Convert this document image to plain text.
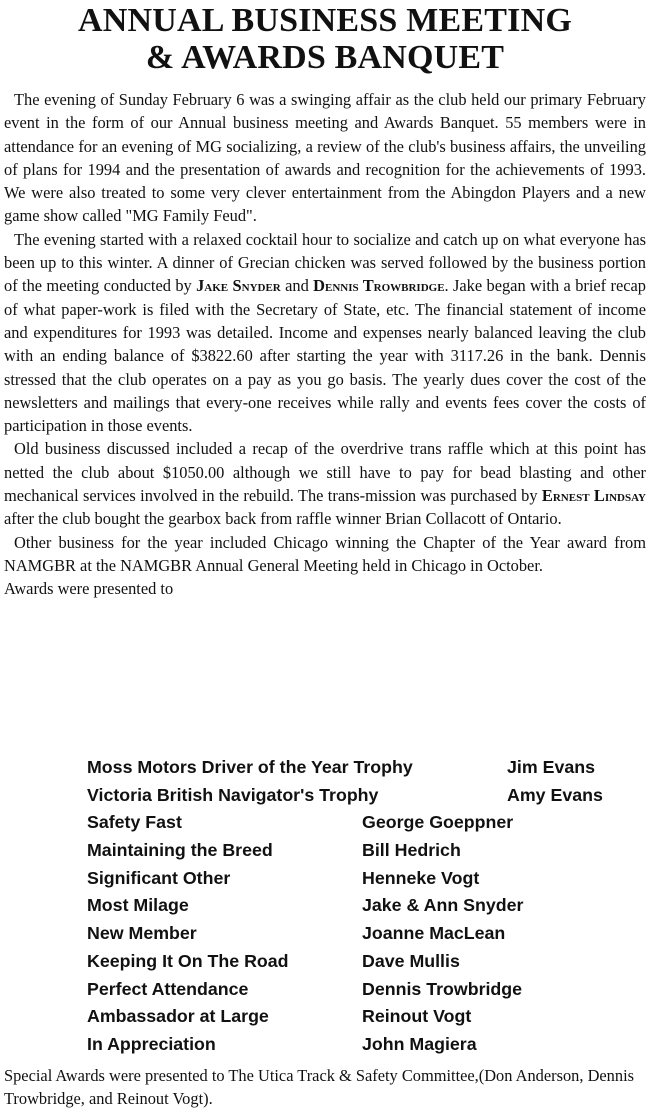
ANNUAL BUSINESS MEETING
& AWARDS BANQUET

The evening of Sunday February 6 was a swinging affair as the club held our primary February event in the form of our Annual business meeting and Awards Banquet. 55 members were in attendance for an evening of MG socializing, a review of the club's business affairs, the unveiling of plans for 1994 and the presentation of awards and recognition for the achievements of 1993. We were also treated to some very clever entertainment from the Abingdon Players and a new game show called "MG Family Feud".

The evening started with a relaxed cocktail hour to socialize and catch up on what everyone has been up to this winter. A dinner of Grecian chicken was served followed by the business portion of the meeting conducted by Jake Snyder and Dennis Trowbridge. Jake began with a brief recap of what paper-work is filed with the Secretary of State, etc. The financial statement of income and expenditures for 1993 was detailed. Income and expenses nearly balanced leaving the club with an ending balance of $3822.60 after starting the year with 3117.26 in the bank. Dennis stressed that the club operates on a pay as you go basis. The yearly dues cover the cost of the newsletters and mailings that every-one receives while rally and events fees cover the costs of participation in those events.

Old business discussed included a recap of the overdrive trans raffle which at this point has netted the club about $1050.00 although we still have to pay for bead blasting and other mechanical services involved in the rebuild. The trans-mission was purchased by Ernest Lindsay after the club bought the gearbox back from raffle winner Brian Collacott of Ontario.

Other business for the year included Chicago winning the Chapter of the Year award from NAMGBR at the NAMGBR Annual General Meeting held in Chicago in October.

Awards were presented to

Moss Motors Driver of the Year Trophy	Jim Evans
Victoria British Navigator's Trophy	Amy Evans
Safety Fast	George Goeppner
Maintaining the Breed	Bill Hedrich
Significant Other	Henneke Vogt
Most Milage	Jake & Ann Snyder
New Member	Joanne MacLean
Keeping It On The Road	Dave Mullis
Perfect Attendance	Dennis Trowbridge
Ambassador at Large	Reinout Vogt
In Appreciation	John Magiera

Special Awards were presented to The Utica Track & Safety Committee,(Don Anderson, Dennis Trowbridge, and Reinout Vogt).
